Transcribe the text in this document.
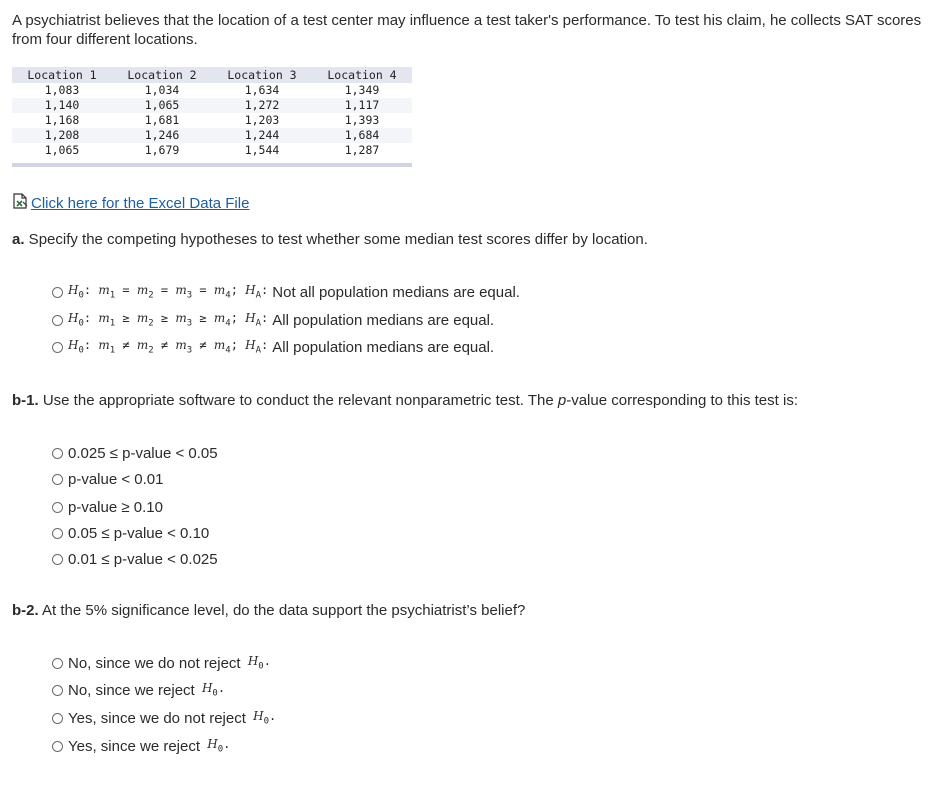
A psychiatrist believes that the location of a test center may influence a test taker's performance. To test his claim, he collects SAT scores from four different locations.
Location 1	Location 2	Location 3	Location 4
1,083	1,034	1,634	1,349
1,140	1,065	1,272	1,117
1,168	1,681	1,203	1,393
1,208	1,246	1,244	1,684
1,065	1,679	1,544	1,287
Click here for the Excel Data File
a. Specify the competing hypotheses to test whether some median test scores differ by location.
$H_0$: $m_1 = m_2 = m_3 = m_4$; $H_A$: Not all population medians are equal.
$H_0$: $m_1 \ge m_2 \ge m_3 \ge m_4$; $H_A$: All population medians are equal.
$H_0$: $m_1 \ne m_2 \ne m_3 \ne m_4$; $H_A$: All population medians are equal.
b-1. Use the appropriate software to conduct the relevant nonparametric test. The p-value corresponding to this test is:
0.025 ≤ p-value < 0.05
p-value < 0.01
p-value ≥ 0.10
0.05 ≤ p-value < 0.10
0.01 ≤ p-value < 0.025
b-2. At the 5% significance level, do the data support the psychiatrist’s belief?
No, since we do not reject $H_0$.
No, since we reject $H_0$.
Yes, since we do not reject $H_0$.
Yes, since we reject $H_0$.
